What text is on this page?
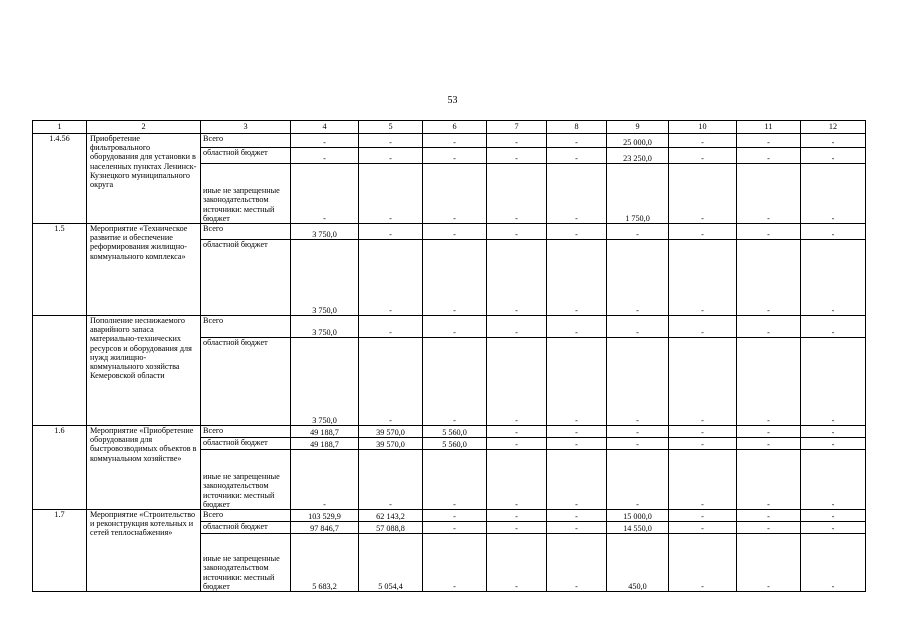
53
1	2	3	4	5	6	7	8	9	10	11	12
1.4.56	Приобретение фильтровального оборудования для установки в населенных пунктах Ленинск-Кузнецкого муниципального округа	Всего	-	-	-	-	-	25 000,0	-	-	-
		областной бюджет	-	-	-	-	-	23 250,0	-	-	-
		иные не запрещенные законодательством источники: местный бюджет	-	-	-	-	-	1 750,0	-	-	-
1.5	Мероприятие «Техническое развитие и обеспечение реформирования жилищно-коммунального комплекса»	Всего	3 750,0	-	-	-	-	-	-	-	-
		областной бюджет	3 750,0	-	-	-	-	-	-	-	-
	Пополнение неснижаемого аварийного запаса материально-технических ресурсов и оборудования для нужд жилищно-коммунального хозяйства Кемеровской области	Всего	3 750,0	-	-	-	-	-	-	-	-
		областной бюджет	3 750,0	-	-	-	-	-	-	-	-
1.6	Мероприятие «Приобретение оборудования для быстровозводимых объектов в коммунальном хозяйстве»	Всего	49 188,7	39 570,0	5 560,0	-	-	-	-	-	-
		областной бюджет	49 188,7	39 570,0	5 560,0	-	-	-	-	-	-
		иные не запрещенные законодательством источники: местный бюджет	-	-	-	-	-	-	-	-	-
1.7	Мероприятие «Строительство и реконструкция котельных и сетей теплоснабжения»	Всего	103 529,9	62 143,2	-	-	-	15 000,0	-	-	-
		областной бюджет	97 846,7	57 088,8	-	-	-	14 550,0	-	-	-
		иные не запрещенные законодательством источники: местный бюджет	5 683,2	5 054,4	-	-	-	450,0	-	-	-
